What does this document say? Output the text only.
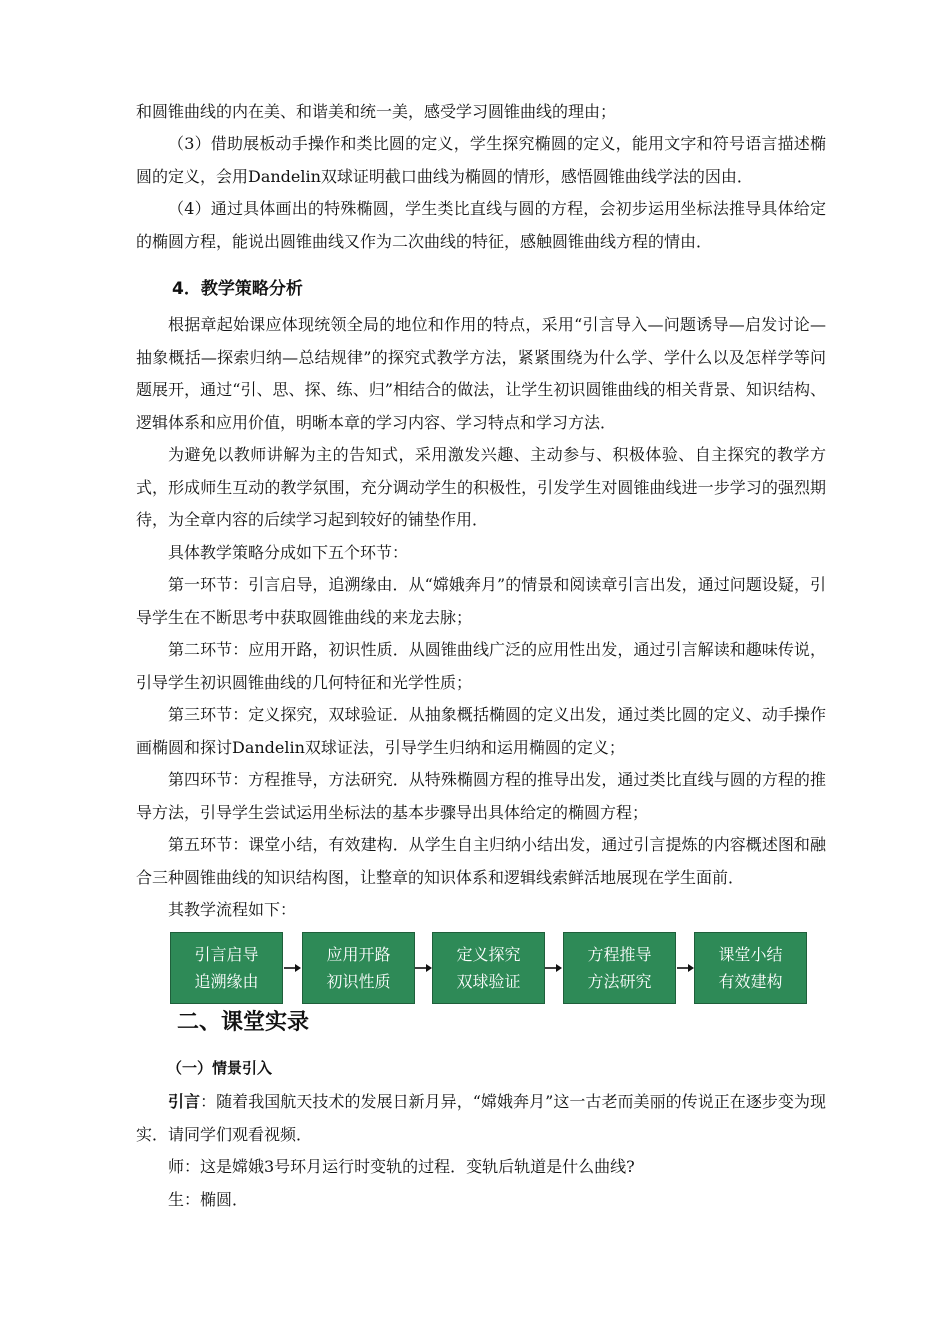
和圆锥曲线的内在美、和谐美和统一美，感受学习圆锥曲线的理由；

（3）借助展板动手操作和类比圆的定义，学生探究椭圆的定义，能用文字和符号语言描述椭圆的定义，会用Dandelin双球证明截口曲线为椭圆的情形，感悟圆锥曲线学法的因由．

（4）通过具体画出的特殊椭圆，学生类比直线与圆的方程，会初步运用坐标法推导具体给定的椭圆方程，能说出圆锥曲线又作为二次曲线的特征，感触圆锥曲线方程的情由．

4．教学策略分析

根据章起始课应体现统领全局的地位和作用的特点，采用“引言导入—问题诱导—启发讨论—抽象概括—探索归纳—总结规律”的探究式教学方法，紧紧围绕为什么学、学什么以及怎样学等问题展开，通过“引、思、探、练、归”相结合的做法，让学生初识圆锥曲线的相关背景、知识结构、逻辑体系和应用价值，明晰本章的学习内容、学习特点和学习方法．

为避免以教师讲解为主的告知式，采用激发兴趣、主动参与、积极体验、自主探究的教学方式，形成师生互动的教学氛围，充分调动学生的积极性，引发学生对圆锥曲线进一步学习的强烈期待，为全章内容的后续学习起到较好的铺垫作用．

具体教学策略分成如下五个环节：

第一环节：引言启导，追溯缘由．从“嫦娥奔月”的情景和阅读章引言出发，通过问题设疑，引导学生在不断思考中获取圆锥曲线的来龙去脉；

第二环节：应用开路，初识性质．从圆锥曲线广泛的应用性出发，通过引言解读和趣味传说，引导学生初识圆锥曲线的几何特征和光学性质；

第三环节：定义探究，双球验证．从抽象概括椭圆的定义出发，通过类比圆的定义、动手操作画椭圆和探讨Dandelin双球证法，引导学生归纳和运用椭圆的定义；

第四环节：方程推导，方法研究．从特殊椭圆方程的推导出发，通过类比直线与圆的方程的推导方法，引导学生尝试运用坐标法的基本步骤导出具体给定的椭圆方程；

第五环节：课堂小结，有效建构．从学生自主归纳小结出发，通过引言提炼的内容概述图和融合三种圆锥曲线的知识结构图，让整章的知识体系和逻辑线索鲜活地展现在学生面前．

其教学流程如下：

引言启导
追溯缘由
应用开路
初识性质
定义探究
双球验证
方程推导
方法研究
课堂小结
有效建构
二、课堂实录
（一）情景引入

引言：随着我国航天技术的发展日新月异，“嫦娥奔月”这一古老而美丽的传说正在逐步变为现实．请同学们观看视频．

师：这是嫦娥3号环月运行时变轨的过程．变轨后轨道是什么曲线?

生：椭圆．
